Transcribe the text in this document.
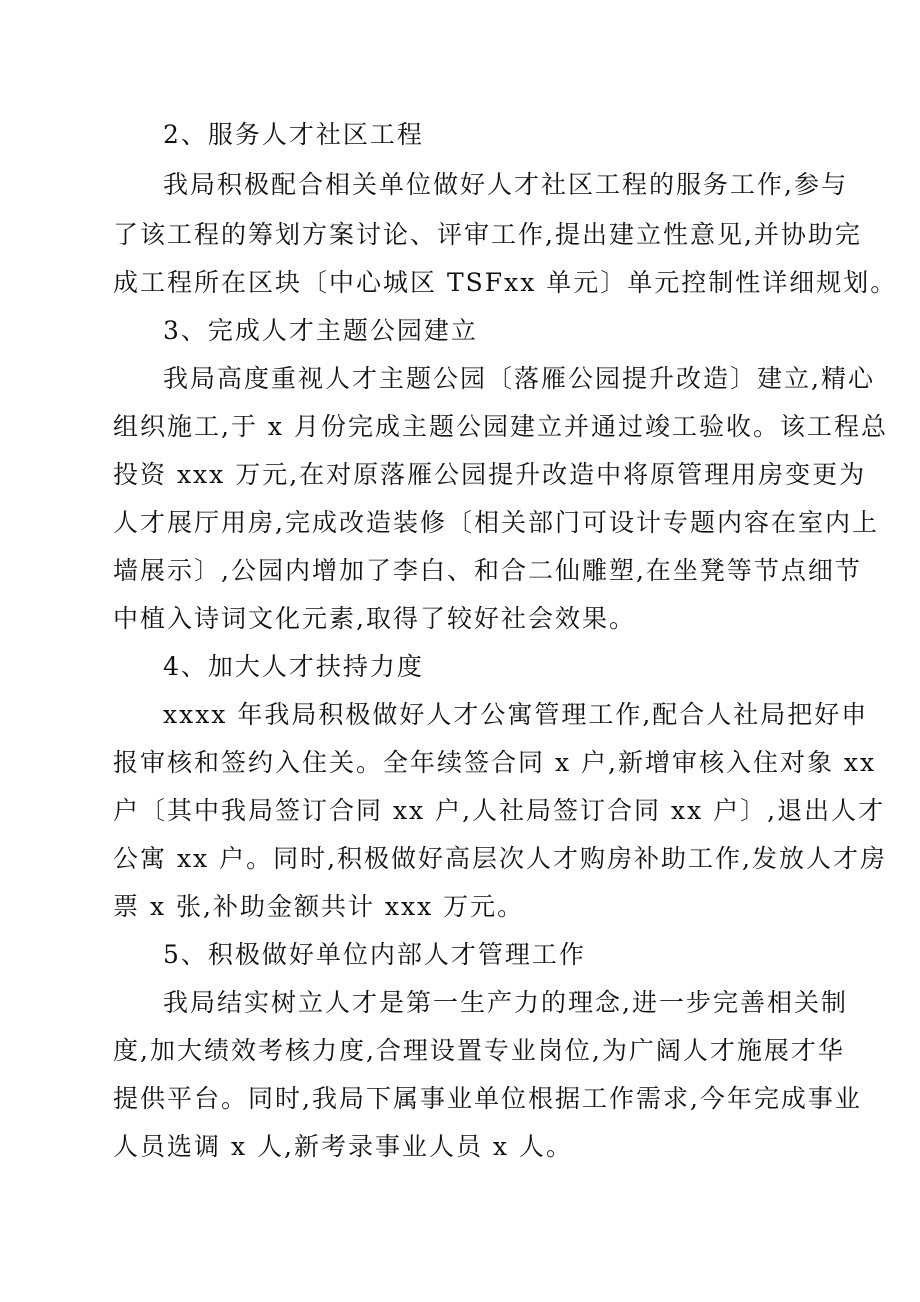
2、服务人才社区工程
我局积极配合相关单位做好人才社区工程的服务工作,参与
了该工程的筹划方案讨论、评审工作,提出建立性意见,并协助完
成工程所在区块〔中心城区 TSFxx 单元〕单元控制性详细规划。
3、完成人才主题公园建立
我局高度重视人才主题公园〔落雁公园提升改造〕建立,精心
组织施工,于 x 月份完成主题公园建立并通过竣工验收。该工程总
投资 xxx 万元,在对原落雁公园提升改造中将原管理用房变更为
人才展厅用房,完成改造装修〔相关部门可设计专题内容在室内上
墙展示〕,公园内增加了李白、和合二仙雕塑,在坐凳等节点细节
中植入诗词文化元素,取得了较好社会效果。
4、加大人才扶持力度
xxxx 年我局积极做好人才公寓管理工作,配合人社局把好申
报审核和签约入住关。全年续签合同 x 户,新增审核入住对象 xx
户〔其中我局签订合同 xx 户,人社局签订合同 xx 户〕,退出人才
公寓 xx 户。同时,积极做好高层次人才购房补助工作,发放人才房
票 x 张,补助金额共计 xxx 万元。
5、积极做好单位内部人才管理工作
我局结实树立人才是第一生产力的理念,进一步完善相关制
度,加大绩效考核力度,合理设置专业岗位,为广阔人才施展才华
提供平台。同时,我局下属事业单位根据工作需求,今年完成事业
人员选调 x 人,新考录事业人员 x 人。
